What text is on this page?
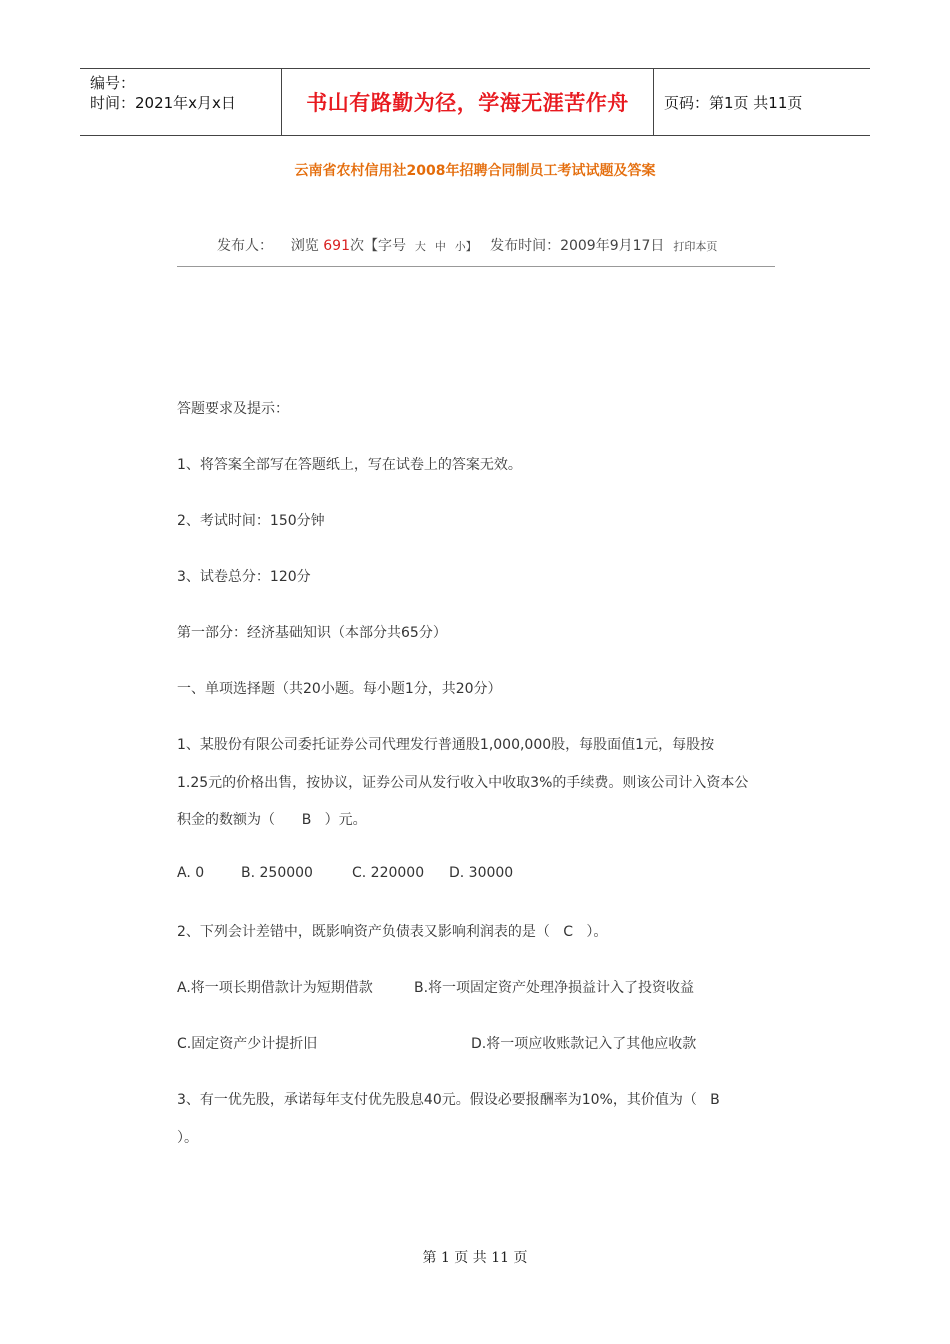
编号：
时间：2021年x月x日	书山有路勤为径，学海无涯苦作舟 页码：第1页 共11页
云南省农村信用社2008年招聘合同制员工考试试题及答案
发布人： 浏览 691次【字号 大 中 小】 发布时间：2009年9月17日 打印本页
答题要求及提示：
1、将答案全部写在答题纸上，写在试卷上的答案无效。
2、考试时间：150分钟
3、试卷总分：120分
第一部分：经济基础知识（本部分共65分）
一、单项选择题（共20小题。每小题1分，共20分）
1、某股份有限公司委托证券公司代理发行普通股1,000,000股，每股面值1元，每股按
1.25元的价格出售，按协议，证券公司从发行收入中收取3%的手续费。则该公司计入资本公
积金的数额为（      B   ）元。
A. 0	B. 250000	C. 220000 D. 30000
2、下列会计差错中，既影响资产负债表又影响利润表的是（   C   ）。
A.将一项长期借款计为短期借款	B.将一项固定资产处理净损益计入了投资收益
C.固定资产少计提折旧	D.将一项应收账款记入了其他应收款
3、有一优先股，承诺每年支付优先股息40元。假设必要报酬率为10%，其价值为（   B
）。
第 1 页 共 11 页
